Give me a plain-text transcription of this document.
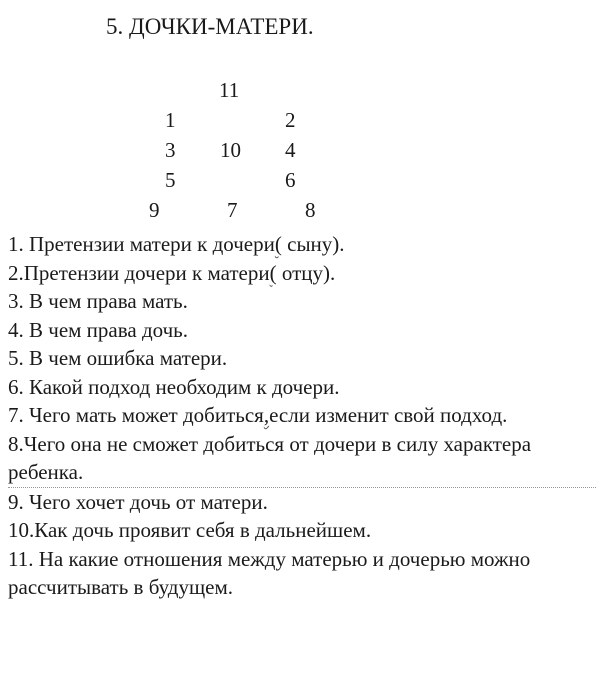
5. ДОЧКИ-МАТЕРИ.
11
1	2
3 10 4
5	6
9	7	8

1. Претензии матери к дочери( сыну).

2.Претензии дочери к матери( отцу).

3. В чем права мать.

4. В чем права дочь.

5. В чем ошибка матери.

6. Какой подход необходим к дочери.

7. Чего мать может добиться,если изменит свой подход.

8.Чего она не сможет добиться от дочери в силу характера ребенка.

9. Чего хочет дочь от матери.

10.Как дочь проявит себя в дальнейшем.

11. На какие отношения между матерью и дочерью можно рассчитывать в будущем.
